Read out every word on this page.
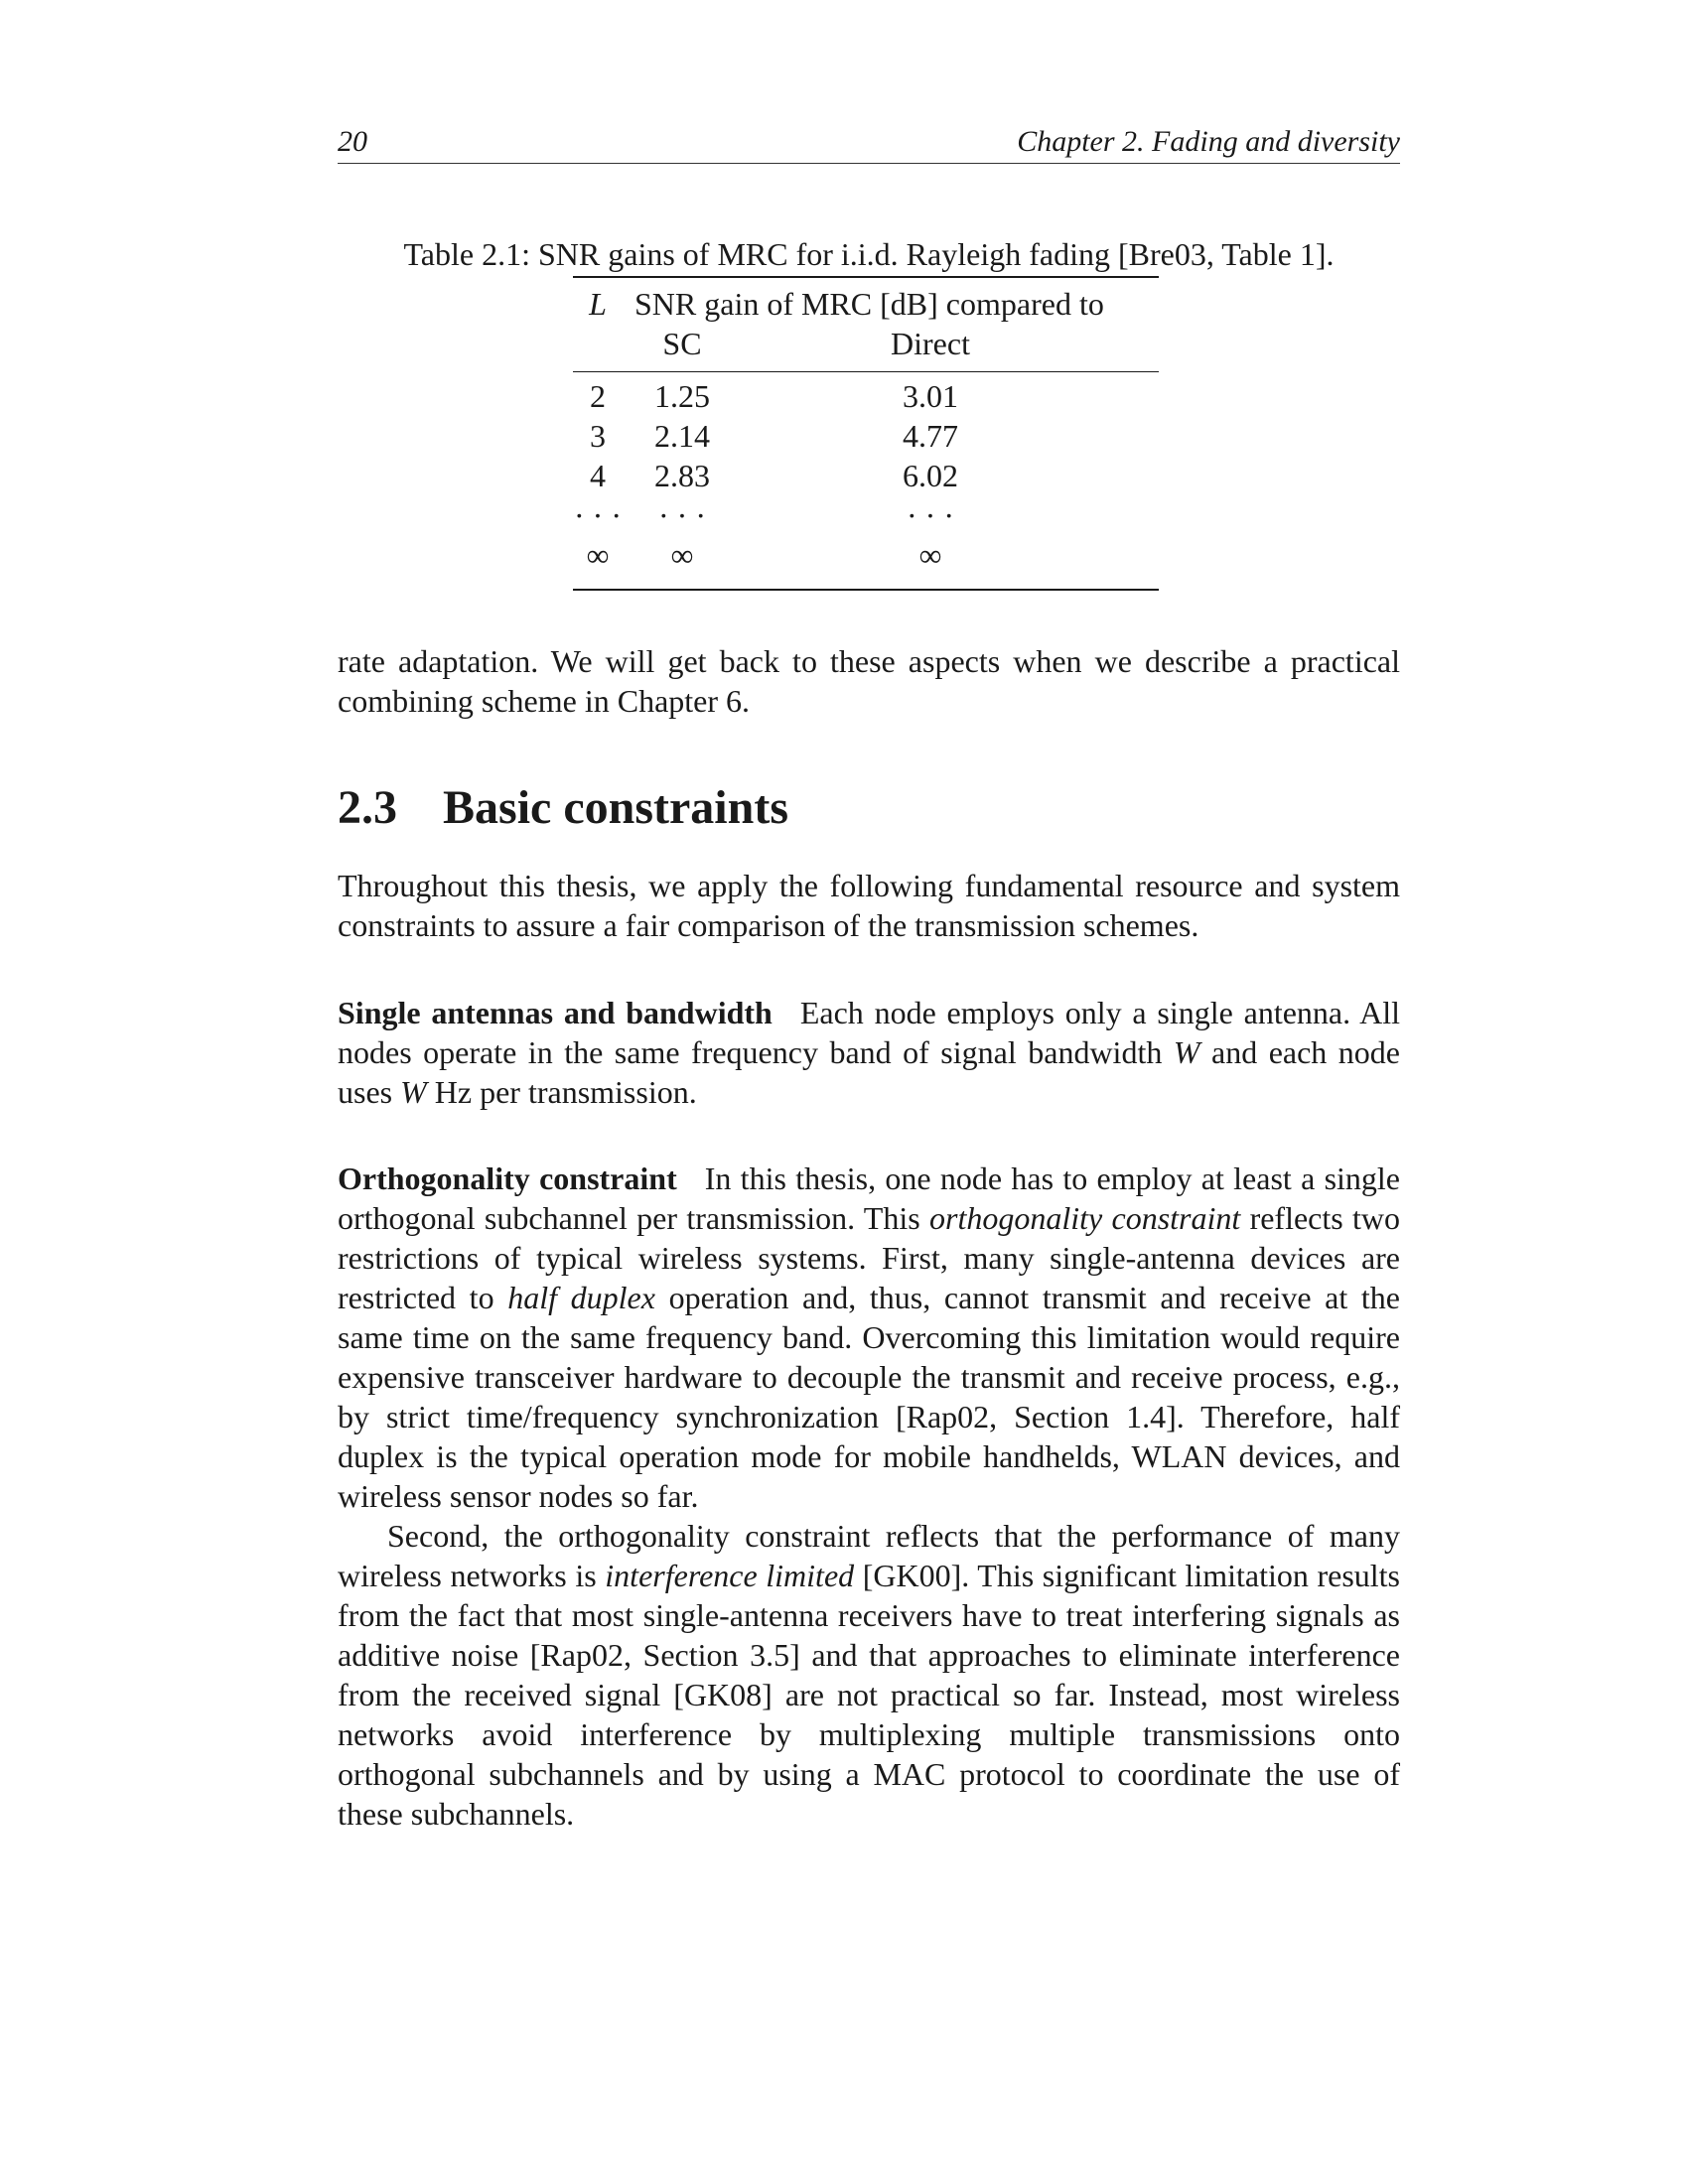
20	Chapter 2. Fading and diversity
Table 2.1: SNR gains of MRC for i.i.d. Rayleigh fading [Bre03, Table 1].
L SNR gain of MRC [dB] compared to
SC	Direct
2	1.25	3.01
3	2.14	4.77
4	2.83	6.02
· · ·	· · ·	· · ·
∞	∞	∞

rate adaptation. We will get back to these aspects when we describe a practical combining scheme in Chapter 6.

2.3 Basic constraints

Throughout this thesis, we apply the following fundamental resource and system constraints to assure a fair comparison of the transmission schemes.

Single antennas and bandwidth Each node employs only a single antenna. All nodes operate in the same frequency band of signal bandwidth W and each node uses W Hz per transmission.

Orthogonality constraint In this thesis, one node has to employ at least a single orthogonal subchannel per transmission. This orthogonality constraint reflects two restrictions of typical wireless systems. First, many single-antenna devices are restricted to half duplex operation and, thus, cannot transmit and receive at the same time on the same frequency band. Overcoming this limitation would require expensive transceiver hardware to decouple the transmit and receive process, e.g., by strict time/frequency synchronization [Rap02, Section 1.4]. Therefore, half duplex is the typical operation mode for mobile handhelds, WLAN devices, and wireless sensor nodes so far.

Second, the orthogonality constraint reflects that the performance of many wireless networks is interference limited [GK00]. This significant limitation results from the fact that most single-antenna receivers have to treat interfering signals as additive noise [Rap02, Section 3.5] and that approaches to eliminate interference from the received signal [GK08] are not practical so far. Instead, most wireless networks avoid interference by multiplexing multiple transmissions onto orthogonal subchannels and by using a MAC protocol to coordinate the use of these subchannels.
